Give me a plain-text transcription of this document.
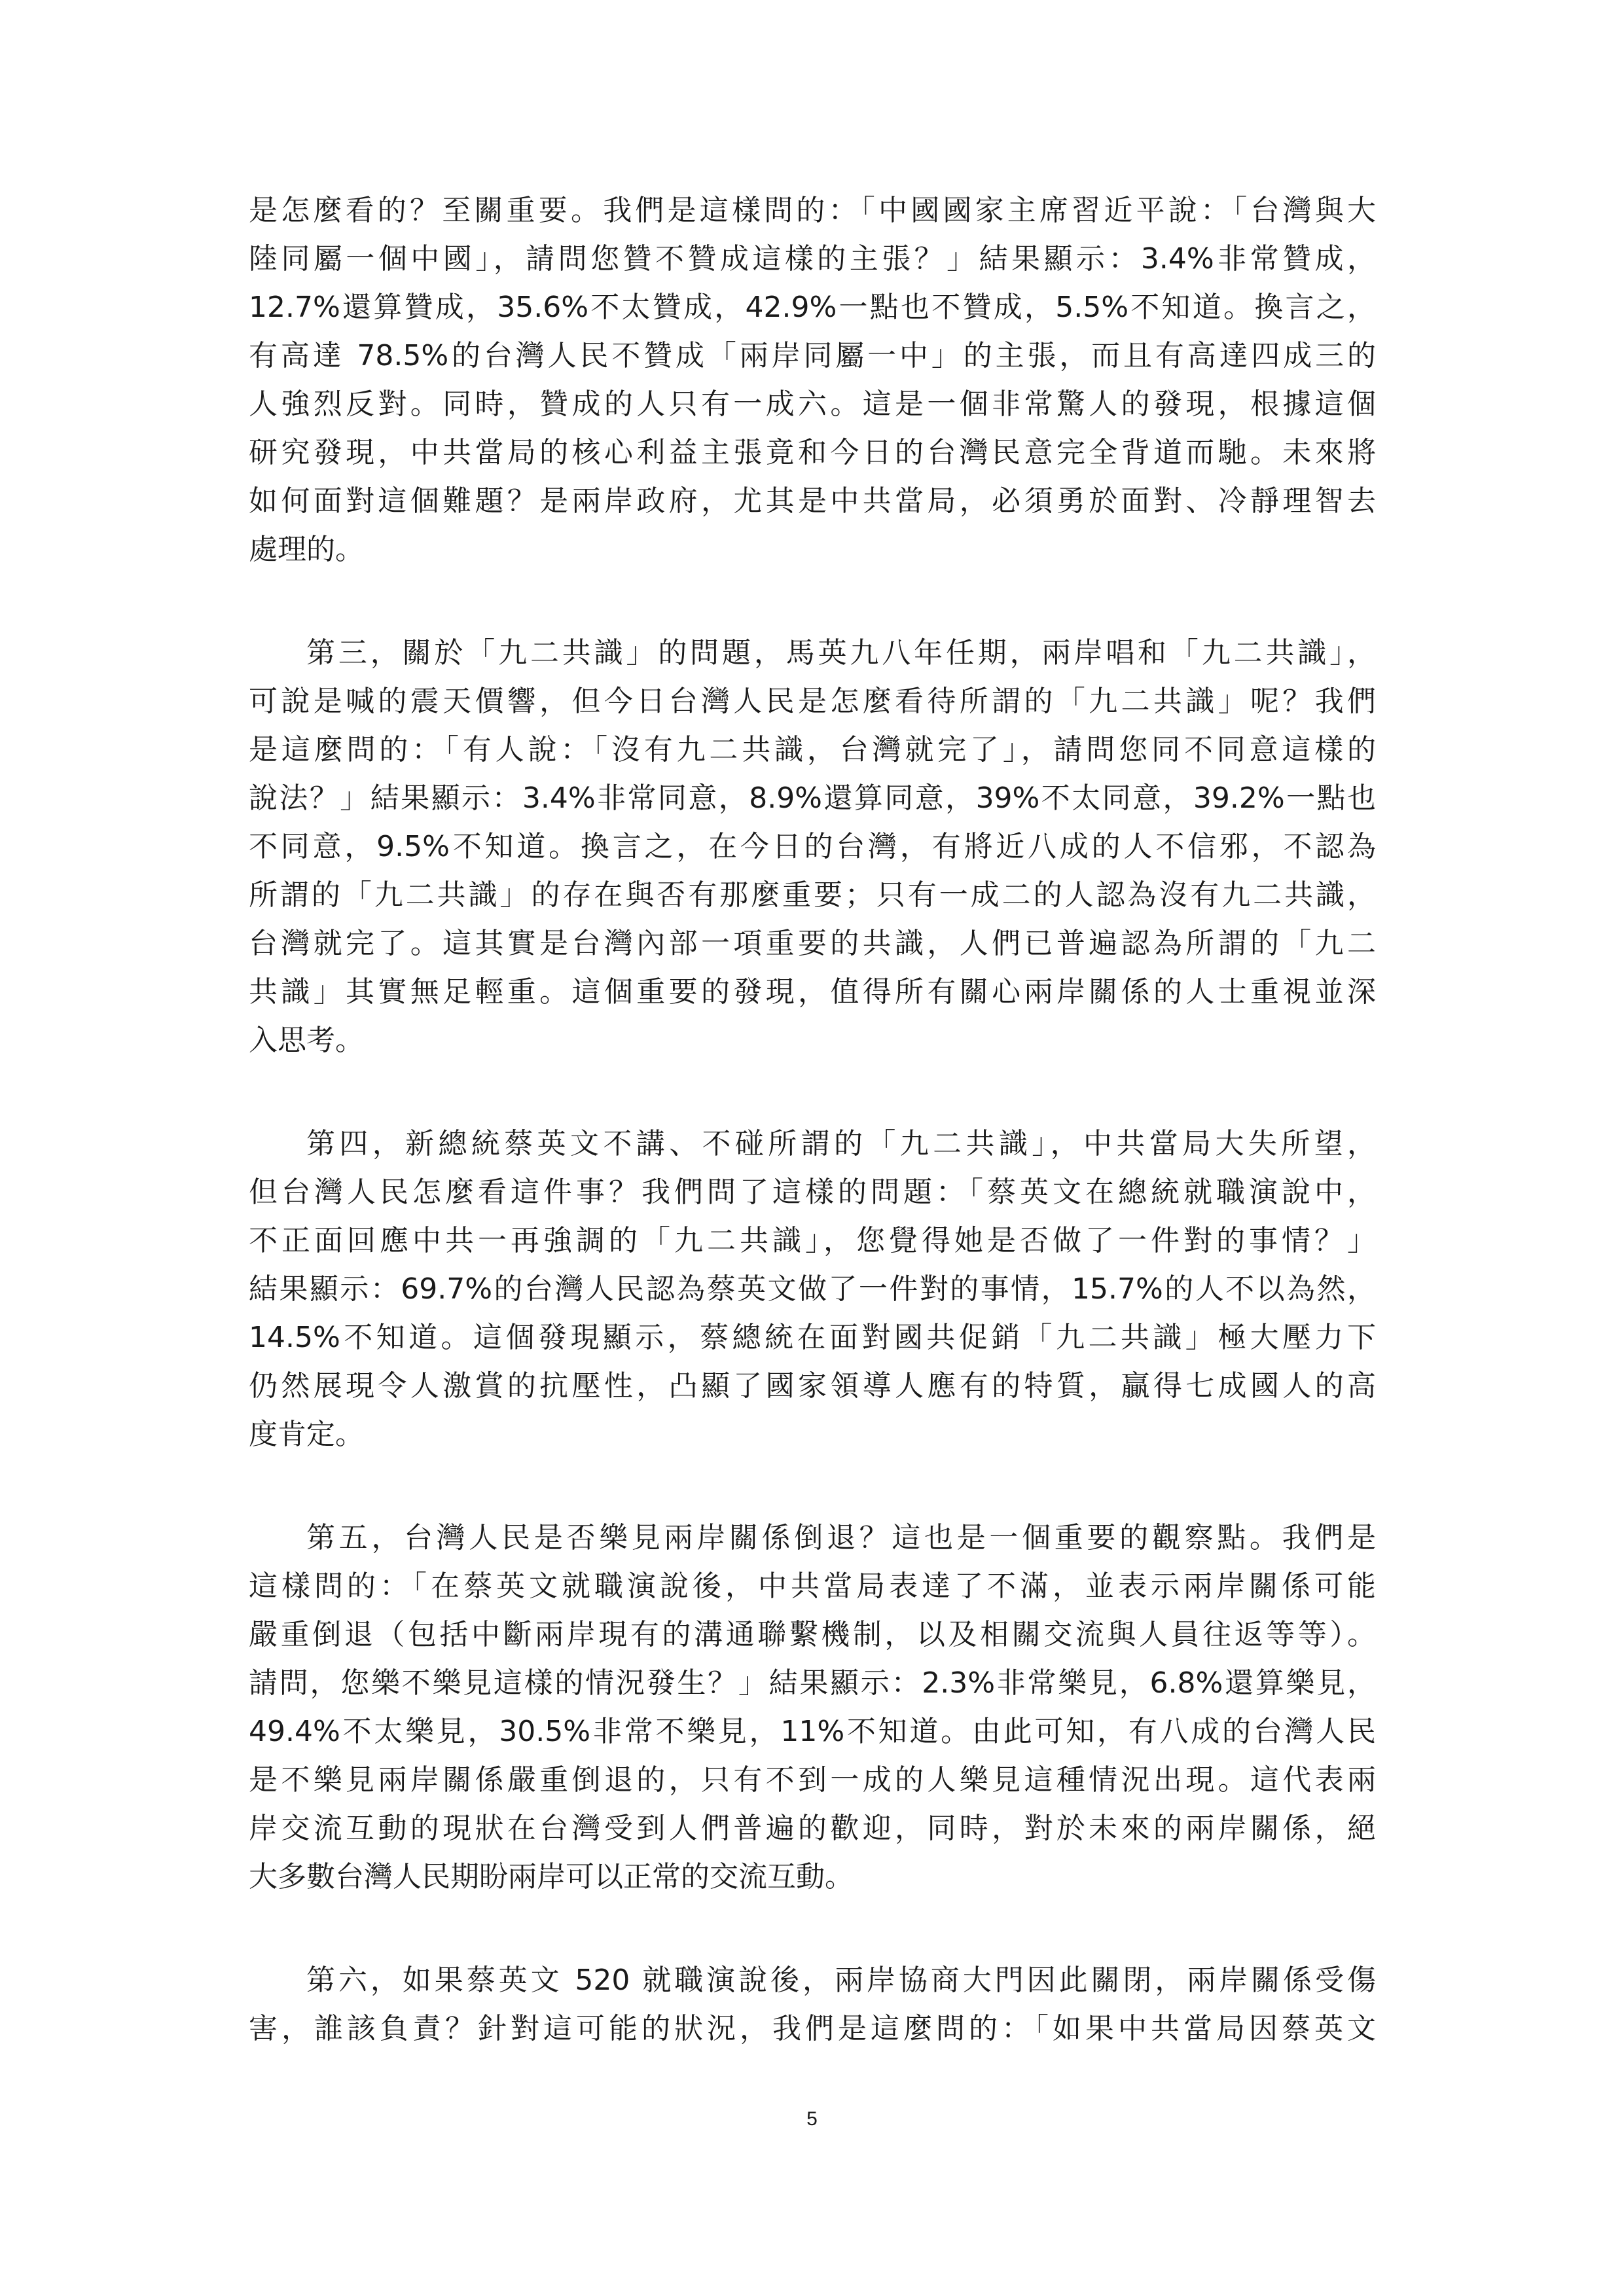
是怎麼看的？至關重要。我們是這樣問的：「中國國家主席習近平說：「台灣與大
陸同屬一個中國」，請問您贊不贊成這樣的主張？」結果顯示：3.4%非常贊成，
12.7%還算贊成，35.6%不太贊成，42.9%一點也不贊成，5.5%不知道。換言之，
有高達 78.5%的台灣人民不贊成「兩岸同屬一中」的主張，而且有高達四成三的
人強烈反對。同時，贊成的人只有一成六。這是一個非常驚人的發現，根據這個
研究發現，中共當局的核心利益主張竟和今日的台灣民意完全背道而馳。未來將
如何面對這個難題？是兩岸政府，尤其是中共當局，必須勇於面對、冷靜理智去
處理的。
第三，關於「九二共識」的問題，馬英九八年任期，兩岸唱和「九二共識」，
可說是喊的震天價響，但今日台灣人民是怎麼看待所謂的「九二共識」呢？我們
是這麼問的：「有人說：「沒有九二共識，台灣就完了」，請問您同不同意這樣的
說法？」結果顯示：3.4%非常同意，8.9%還算同意，39%不太同意，39.2%一點也
不同意，9.5%不知道。換言之，在今日的台灣，有將近八成的人不信邪，不認為
所謂的「九二共識」的存在與否有那麼重要；只有一成二的人認為沒有九二共識，
台灣就完了。這其實是台灣內部一項重要的共識，人們已普遍認為所謂的「九二
共識」其實無足輕重。這個重要的發現，值得所有關心兩岸關係的人士重視並深
入思考。
第四，新總統蔡英文不講、不碰所謂的「九二共識」，中共當局大失所望，
但台灣人民怎麼看這件事？我們問了這樣的問題：「蔡英文在總統就職演說中，
不正面回應中共一再強調的「九二共識」，您覺得她是否做了一件對的事情？」
結果顯示：69.7%的台灣人民認為蔡英文做了一件對的事情，15.7%的人不以為然，
14.5%不知道。這個發現顯示，蔡總統在面對國共促銷「九二共識」極大壓力下
仍然展現令人激賞的抗壓性，凸顯了國家領導人應有的特質，贏得七成國人的高
度肯定。
第五，台灣人民是否樂見兩岸關係倒退？這也是一個重要的觀察點。我們是
這樣問的：「在蔡英文就職演說後，中共當局表達了不滿，並表示兩岸關係可能
嚴重倒退（包括中斷兩岸現有的溝通聯繫機制，以及相關交流與人員往返等等）。
請問，您樂不樂見這樣的情況發生？」結果顯示：2.3%非常樂見，6.8%還算樂見，
49.4%不太樂見，30.5%非常不樂見，11%不知道。由此可知，有八成的台灣人民
是不樂見兩岸關係嚴重倒退的，只有不到一成的人樂見這種情況出現。這代表兩
岸交流互動的現狀在台灣受到人們普遍的歡迎，同時，對於未來的兩岸關係，絕
大多數台灣人民期盼兩岸可以正常的交流互動。
第六，如果蔡英文 520 就職演說後，兩岸協商大門因此關閉，兩岸關係受傷
害，誰該負責？針對這可能的狀況，我們是這麼問的：「如果中共當局因蔡英文
5
